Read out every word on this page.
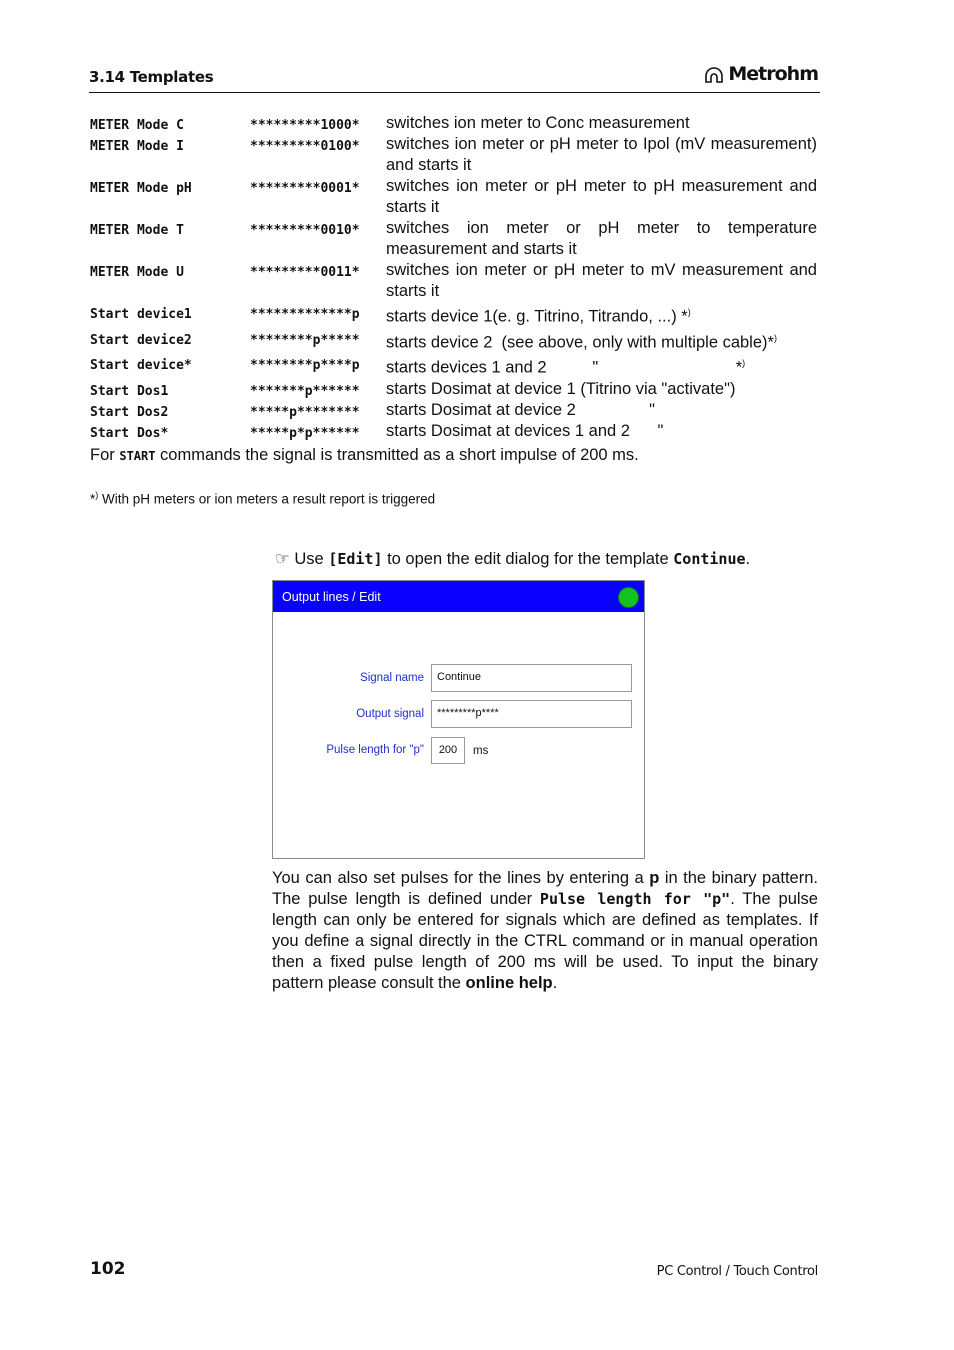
3.14 Templates	Metrohm
METER Mode C	*********1000*	switches ion meter to Conc measurement
METER Mode I	*********0100*	switches ion meter or pH meter to Ipol (mV measurement) and starts it
METER Mode pH	*********0001*	switches ion meter or pH meter to pH measurement and starts it
METER Mode T	*********0010*	switches ion meter or pH meter to temperature measurement and starts it
METER Mode U	*********0011*	switches ion meter or pH meter to mV measurement and starts it
Start device1	*************p	starts device 1(e. g. Titrino, Titrando, ...) *)
Start device2	********p*****	starts device 2  (see above, only with multiple cable)*)
Start device*	********p****p	starts devices 1 and 2          "                              *)
Start Dos1	*******p******	starts Dosimat at device 1 (Titrino via "activate")
Start Dos2	*****p********	starts Dosimat at device 2                "
Start Dos*	*****p*p******	starts Dosimat at devices 1 and 2      "
For START commands the signal is transmitted as a short impulse of 200 ms.
*) With pH meters or ion meters a result report is triggered
☞ Use [Edit] to open the edit dialog for the template Continue.
Output lines / Edit
Signal name	Continue
Output signal	*********p****
Pulse length for "p"	200	ms
You can also set pulses for the lines by entering a p in the binary pattern. The pulse length is defined under Pulse length for "p". The pulse length can only be entered for signals which are defined as templates. If you define a signal directly in the CTRL command or in manual operation then a fixed pulse length of 200 ms will be used. To input the binary pattern please consult the online help.
102	PC Control / Touch Control
